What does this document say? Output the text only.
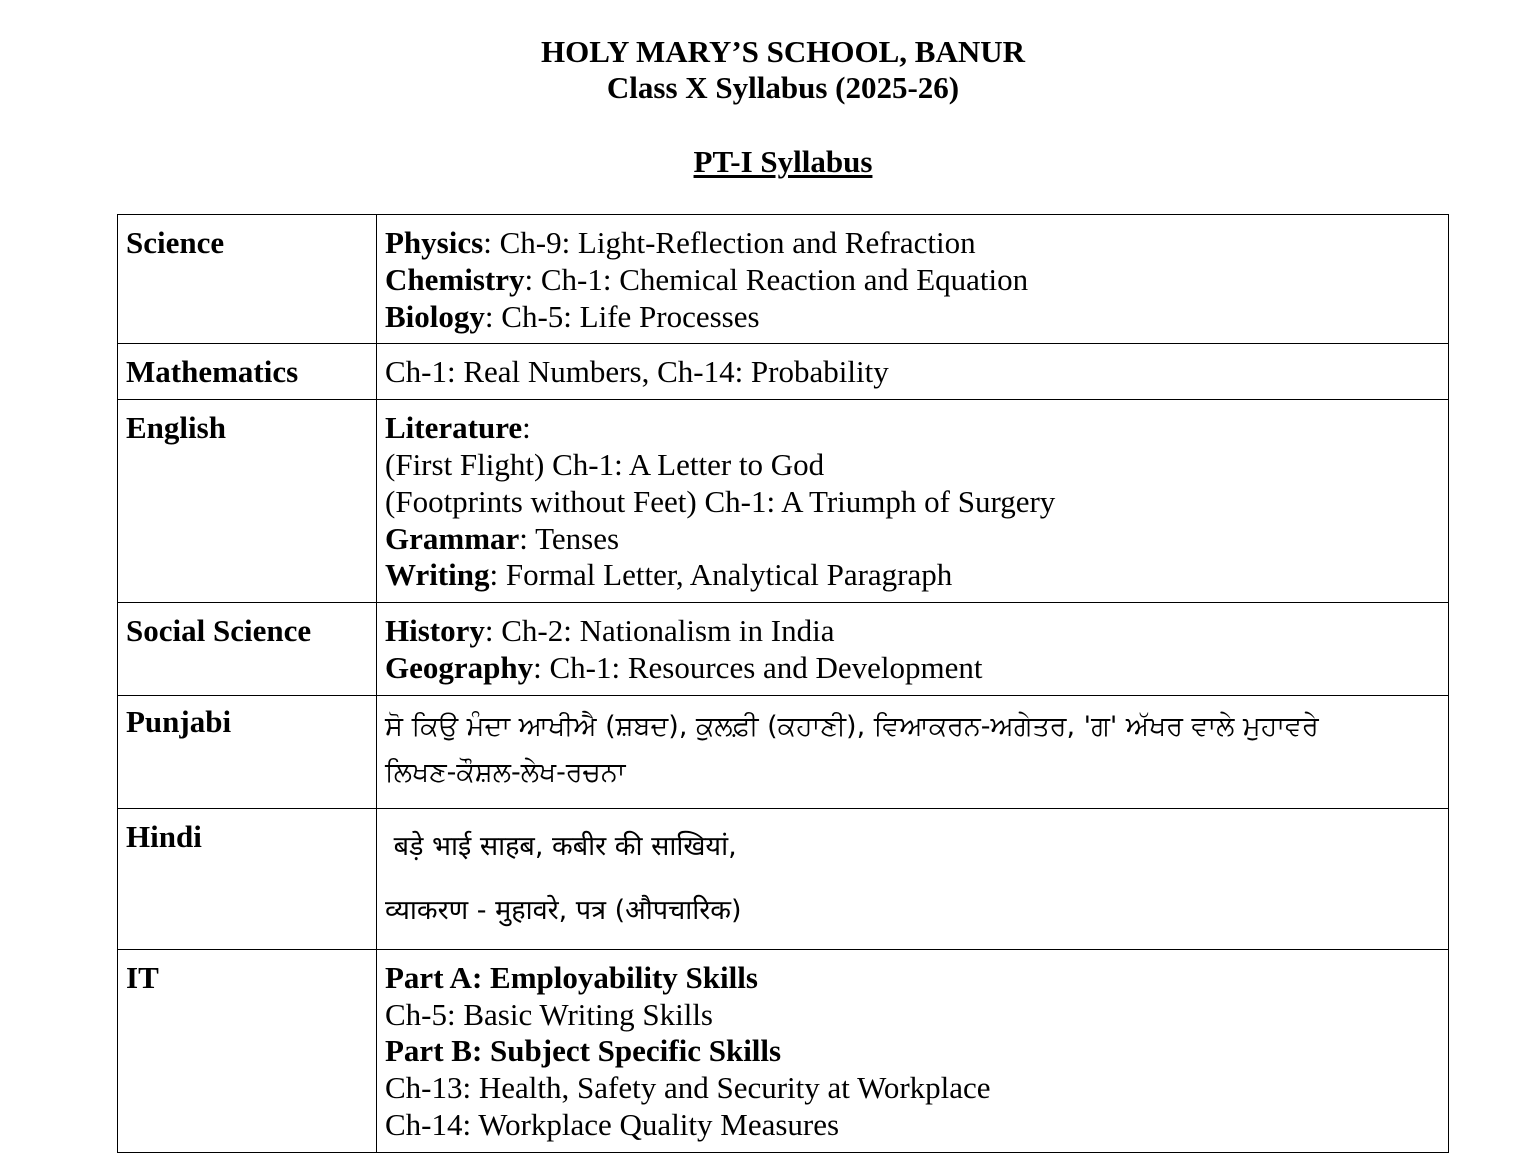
HOLY MARY’S SCHOOL, BANUR
Class X Syllabus (2025-26)
PT-I Syllabus
Science	Physics: Ch-9: Light-Reflection and Refraction
Chemistry: Ch-1: Chemical Reaction and Equation
Biology: Ch-5: Life Processes

Mathematics	Ch-1: Real Numbers, Ch-14: Probability

English	Literature:
(First Flight) Ch-1: A Letter to God
(Footprints without Feet) Ch-1: A Triumph of Surgery
Grammar: Tenses
Writing: Formal Letter, Analytical Paragraph

Social Science	History: Ch-2: Nationalism in India
Geography: Ch-1: Resources and Development

Punjabi	ਸੋ ਕਿਉ ਮੰਦਾ ਆਖੀਐ (ਸ਼ਬਦ), ਕੁਲਫ਼ੀ (ਕਹਾਣੀ), ਵਿਆਕਰਨ-ਅਗੇਤਰ, 'ਗ' ਅੱਖਰ ਵਾਲੇ ਮੁਹਾਵਰੇ
ਲਿਖਣ-ਕੌਸ਼ਲ-ਲੇਖ-ਰਚਨਾ

Hindi	बड़े भाई साहब, कबीर की साखियां,
व्याकरण - मुहावरे, पत्र (औपचारिक)

IT	Part A: Employability Skills
Ch-5: Basic Writing Skills
Part B: Subject Specific Skills
Ch-13: Health, Safety and Security at Workplace
Ch-14: Workplace Quality Measures
